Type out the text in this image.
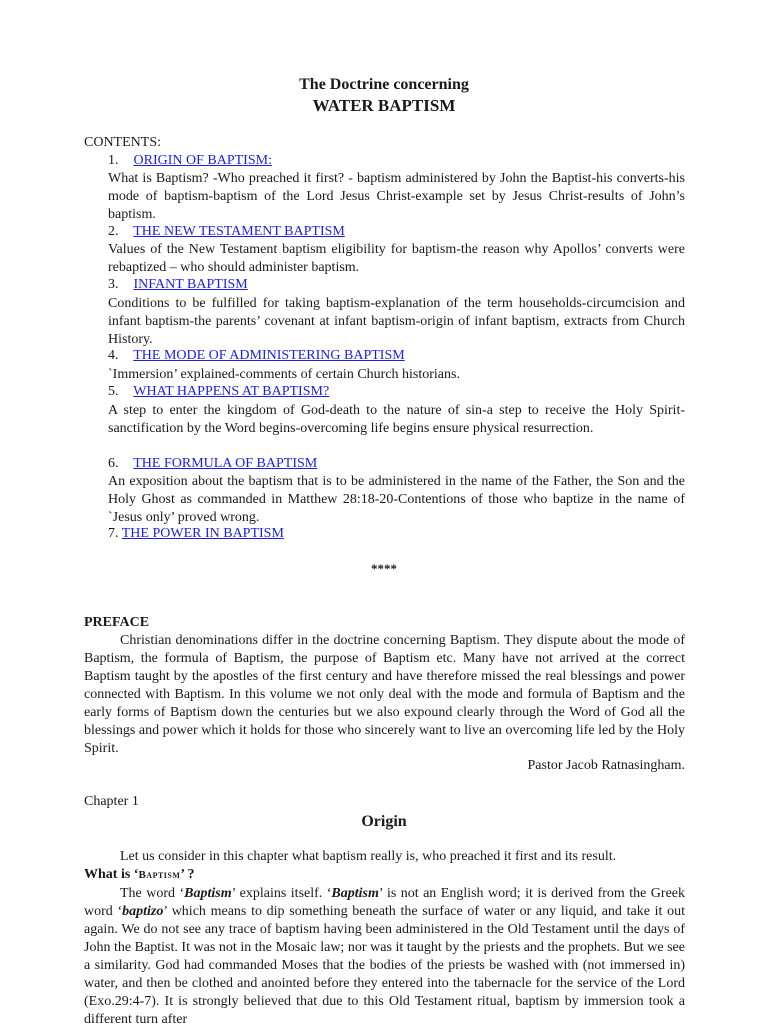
The Doctrine concerning
WATER BAPTISM
CONTENTS:
1. ORIGIN OF BAPTISM:
What is Baptism? -Who preached it first? - baptism administered by John the Baptist-his converts-his mode of baptism-baptism of the Lord Jesus Christ-example set by Jesus Christ-results of John’s baptism.
2. THE NEW TESTAMENT BAPTISM
Values of the New Testament baptism eligibility for baptism-the reason why Apollos’ converts were rebaptized – who should administer baptism.
3. INFANT BAPTISM
Conditions to be fulfilled for taking baptism-explanation of the term households-circumcision and infant baptism-the parents’ covenant at infant baptism-origin of infant baptism, extracts from Church History.
4. THE MODE OF ADMINISTERING BAPTISM
`Immersion’ explained-comments of certain Church historians.
5. WHAT HAPPENS AT BAPTISM?
A step to enter the kingdom of God-death to the nature of sin-a step to receive the Holy Spirit-sanctification by the Word begins-overcoming life begins ensure physical resurrection.
6. THE FORMULA OF BAPTISM
An exposition about the baptism that is to be administered in the name of the Father, the Son and the Holy Ghost as commanded in Matthew 28:18-20-Contentions of those who baptize in the name of `Jesus only’ proved wrong.
7. THE POWER IN BAPTISM
****
PREFACE
Christian denominations differ in the doctrine concerning Baptism. They dispute about the mode of Baptism, the formula of Baptism, the purpose of Baptism etc. Many have not arrived at the correct Baptism taught by the apostles of the first century and have therefore missed the real blessings and power connected with Baptism. In this volume we not only deal with the mode and formula of Baptism and the early forms of Baptism down the centuries but we also expound clearly through the Word of God all the blessings and power which it holds for those who sincerely want to live an overcoming life led by the Holy Spirit.
Pastor Jacob Ratnasingham.
Chapter 1
Origin
Let us consider in this chapter what baptism really is, who preached it first and its result.
What is ‘Baptism’ ?
The word ‘Baptism’ explains itself. ‘Baptism’ is not an English word; it is derived from the Greek word ‘baptizo’ which means to dip something beneath the surface of water or any liquid, and take it out again. We do not see any trace of baptism having been administered in the Old Testament until the days of John the Baptist. It was not in the Mosaic law; nor was it taught by the priests and the prophets. But we see a similarity. God had commanded Moses that the bodies of the priests be washed with (not immersed in) water, and then be clothed and anointed before they entered into the tabernacle for the service of the Lord (Exo.29:4-7). It is strongly believed that due to this Old Testament ritual, baptism by immersion took a different turn after
